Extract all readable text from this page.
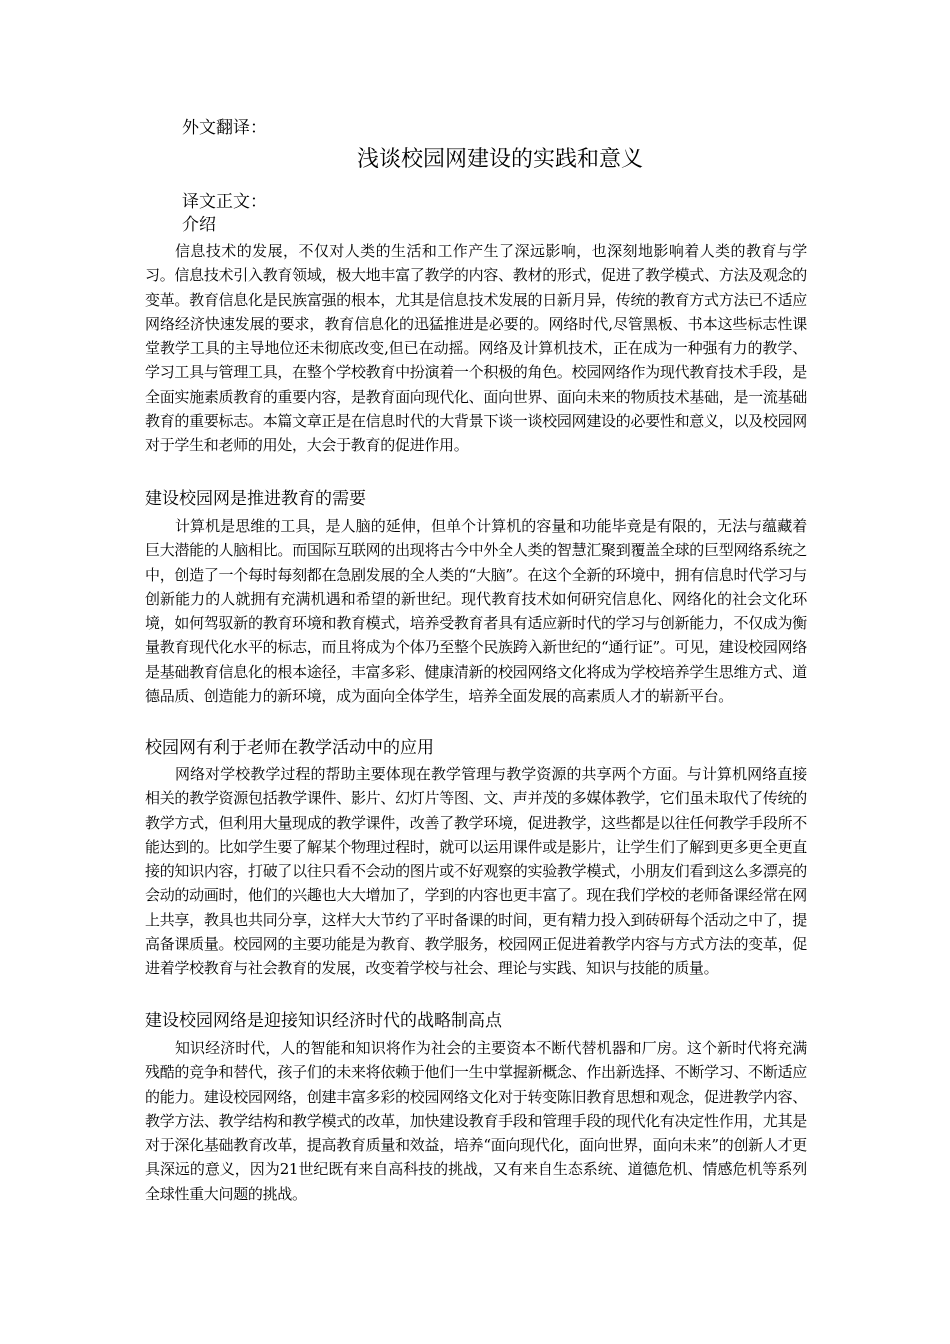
外文翻译：
浅谈校园网建设的实践和意义
译文正文：
介绍

信息技术的发展，不仅对人类的生活和工作产生了深远影响，也深刻地影响着人类的教育与学习。信息技术引入教育领域，极大地丰富了教学的内容、教材的形式，促进了教学模式、方法及观念的变革。教育信息化是民族富强的根本，尤其是信息技术发展的日新月异，传统的教育方式方法已不适应网络经济快速发展的要求，教育信息化的迅猛推进是必要的。网络时代,尽管黑板、书本这些标志性课堂教学工具的主导地位还未彻底改变,但已在动摇。网络及计算机技术，正在成为一种强有力的教学、学习工具与管理工具，在整个学校教育中扮演着一个积极的角色。校园网络作为现代教育技术手段，是全面实施素质教育的重要内容，是教育面向现代化、面向世界、面向未来的物质技术基础，是一流基础教育的重要标志。本篇文章正是在信息时代的大背景下谈一谈校园网建设的必要性和意义，以及校园网对于学生和老师的用处，大会于教育的促进作用。

建设校园网是推进教育的需要

计算机是思维的工具，是人脑的延伸，但单个计算机的容量和功能毕竟是有限的，无法与蕴藏着巨大潜能的人脑相比。而国际互联网的出现将古今中外全人类的智慧汇聚到覆盖全球的巨型网络系统之中，创造了一个每时每刻都在急剧发展的全人类的“大脑”。在这个全新的环境中，拥有信息时代学习与创新能力的人就拥有充满机遇和希望的新世纪。现代教育技术如何研究信息化、网络化的社会文化环境，如何驾驭新的教育环境和教育模式，培养受教育者具有适应新时代的学习与创新能力，不仅成为衡量教育现代化水平的标志，而且将成为个体乃至整个民族跨入新世纪的“通行证”。可见，建设校园网络是基础教育信息化的根本途径，丰富多彩、健康清新的校园网络文化将成为学校培养学生思维方式、道德品质、创造能力的新环境，成为面向全体学生，培养全面发展的高素质人才的崭新平台。

校园网有利于老师在教学活动中的应用

网络对学校教学过程的帮助主要体现在教学管理与教学资源的共享两个方面。与计算机网络直接相关的教学资源包括教学课件、影片、幻灯片等图、文、声并茂的多媒体教学，它们虽未取代了传统的教学方式，但利用大量现成的教学课件，改善了教学环境，促进教学，这些都是以往任何教学手段所不能达到的。比如学生要了解某个物理过程时，就可以运用课件或是影片，让学生们了解到更多更全更直接的知识内容，打破了以往只看不会动的图片或不好观察的实验教学模式，小朋友们看到这么多漂亮的会动的动画时，他们的兴趣也大大增加了，学到的内容也更丰富了。现在我们学校的老师备课经常在网上共享，教具也共同分享，这样大大节约了平时备课的时间，更有精力投入到砖研每个活动之中了，提高备课质量。校园网的主要功能是为教育、教学服务，校园网正促进着教学内容与方式方法的变革，促进着学校教育与社会教育的发展，改变着学校与社会、理论与实践、知识与技能的质量。

建设校园网络是迎接知识经济时代的战略制高点

知识经济时代，人的智能和知识将作为社会的主要资本不断代替机器和厂房。这个新时代将充满残酷的竞争和替代，孩子们的未来将依赖于他们一生中掌握新概念、作出新选择、不断学习、不断适应的能力。建设校园网络，创建丰富多彩的校园网络文化对于转变陈旧教育思想和观念，促进教学内容、教学方法、教学结构和教学模式的改革，加快建设教育手段和管理手段的现代化有决定性作用，尤其是对于深化基础教育改革，提高教育质量和效益，培养“面向现代化，面向世界，面向未来”的创新人才更具深远的意义，因为21世纪既有来自高科技的挑战，又有来自生态系统、道德危机、情感危机等系列全球性重大问题的挑战。
